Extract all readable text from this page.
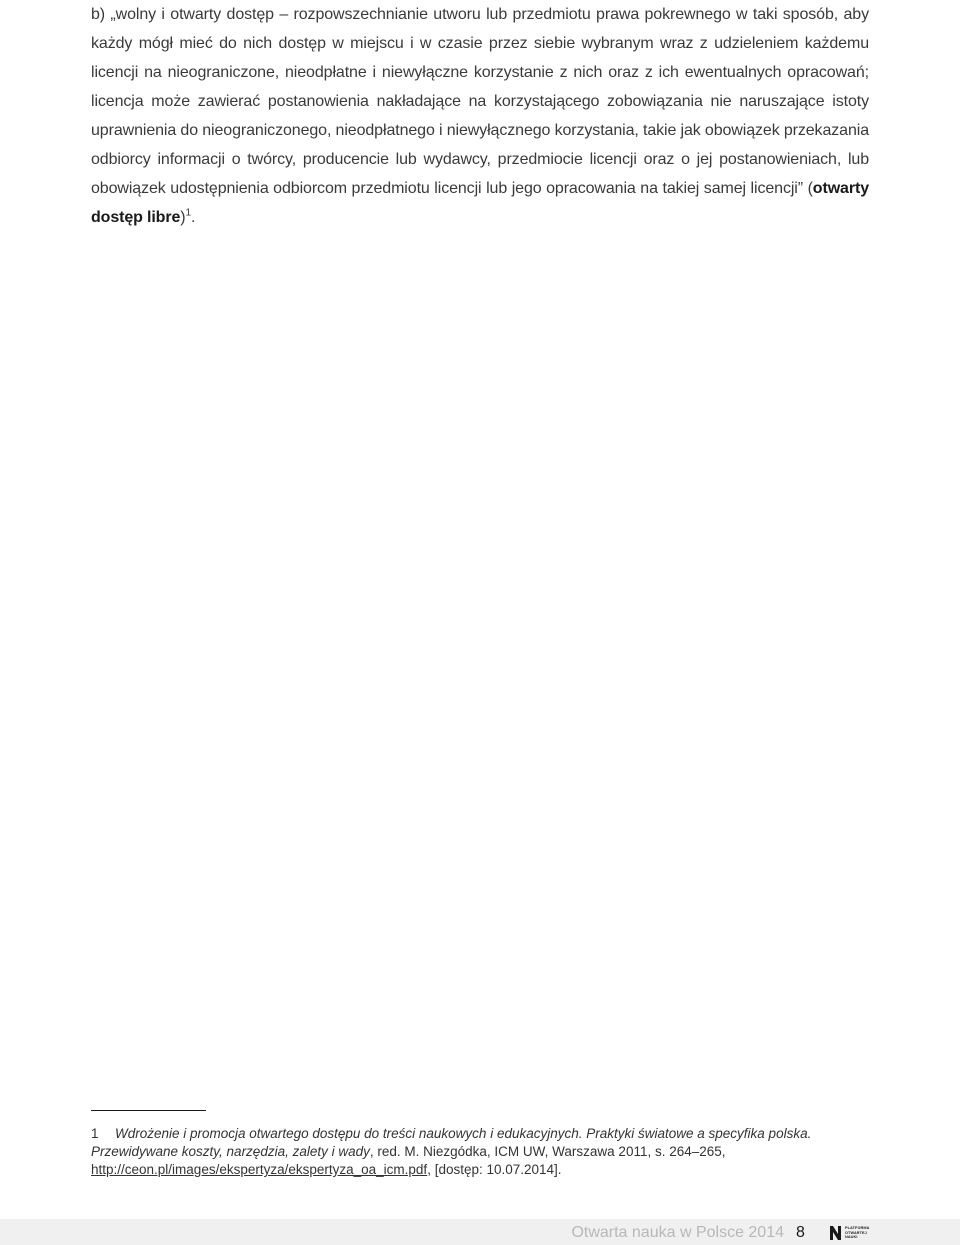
b) „wolny i otwarty dostęp – rozpowszechnianie utworu lub przedmiotu prawa pokrewnego w taki sposób, aby każdy mógł mieć do nich dostęp w miejscu i w czasie przez siebie wybranym wraz z udzieleniem każdemu licencji na nieograniczone, nieodpłatne i niewyłączne korzystanie z nich oraz z ich ewentualnych opracowań; licencja może zawierać postanowienia nakładające na korzystającego zobowiązania nie naruszające istoty uprawnienia do nieograniczonego, nieodpłatnego i niewyłącznego korzystania, takie jak obowiązek przekazania odbiorcy informacji o twórcy, producencie lub wydawcy, przedmiocie licencji oraz o jej postanowieniach, lub obowiązek udostępnienia odbiorcom przedmiotu licencji lub jego opracowania na takiej samej licencji” (otwarty dostęp libre)$^1$.

1 Wdrożenie i promocja otwartego dostępu do treści naukowych i edukacyjnych. Praktyki światowe a specyfika polska. Przewidywane koszty, narzędzia, zalety i wady, red. M. Niezgódka, ICM UW, Warszawa 2011, s. 264–265,
http://ceon.pl/images/ekspertyza/ekspertyza_oa_icm.pdf, [dostęp: 10.07.2014].

Otwarta nauka w Polsce 2014 8	PLATFORMA
OTWARTEJ
NAUKI
